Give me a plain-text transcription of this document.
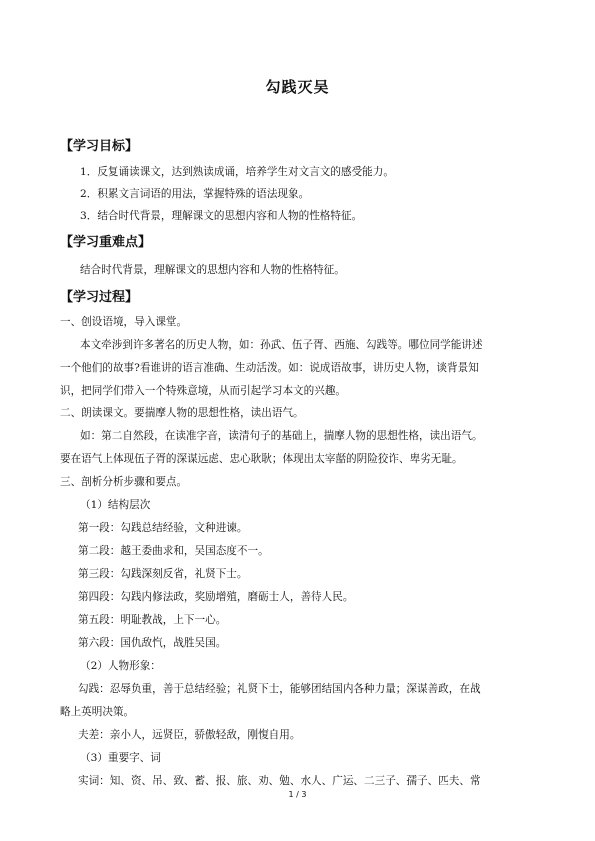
勾践灭吴
【学习目标】
1．反复诵读课文，达到熟读成诵，培养学生对文言文的感受能力。
2．积累文言词语的用法，掌握特殊的语法现象。
3．结合时代背景，理解课文的思想内容和人物的性格特征。
【学习重难点】
结合时代背景，理解课文的思想内容和人物的性格特征。
【学习过程】
一、创设语境，导入课堂。
本文牵涉到许多著名的历史人物，如：孙武、伍子胥、西施、勾践等。哪位同学能讲述
一个他们的故事?看谁讲的语言准确、生动活泼。如：说成语故事，讲历史人物，谈背景知
识，把同学们带入一个特殊意境，从而引起学习本文的兴趣。
二、朗读课文。要揣摩人物的思想性格，读出语气。
如：第二自然段，在读准字音，读清句子的基础上，揣摩人物的思想性格，读出语气。
要在语气上体现伍子胥的深谋远虑、忠心耿耿；体现出太宰嚭的阴险狡诈、卑劣无耻。
三、剖析分析步骤和要点。
（1）结构层次
第一段：勾践总结经验，文种进谏。
第二段：越王委曲求和，吴国态度不一。
第三段：勾践深刻反省，礼贤下士。
第四段：勾践内修法政，奖励增殖，磨砺士人，善待人民。
第五段：明耻教战，上下一心。
第六段：国仇敌忾，战胜吴国。
（2）人物形象：
勾践：忍辱负重，善于总结经验；礼贤下士，能够团结国内各种力量；深谋善政，在战
略上英明决策。
夫差：亲小人，远贤臣，骄傲轻敌，刚愎自用。
（3）重要字、词
实词：知、资、吊、致、蓄、报、旅、劝、勉、水人、广运、二三子、孺子、匹夫、常
1 / 3
